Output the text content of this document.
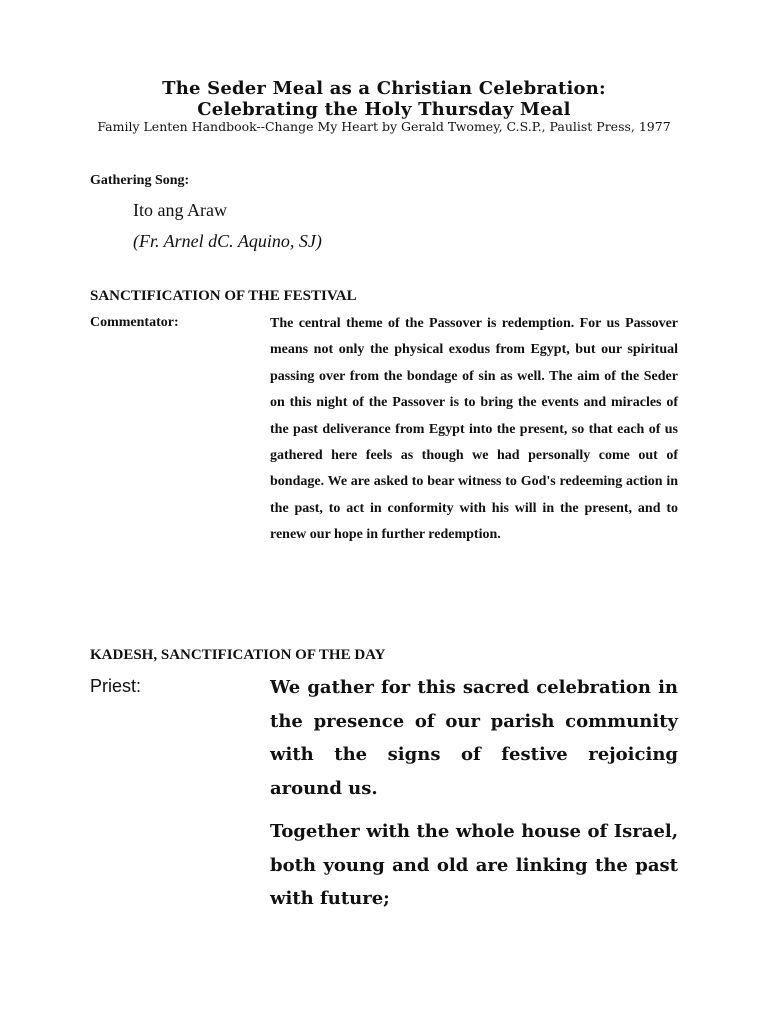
The Seder Meal as a Christian Celebration:
Celebrating the Holy Thursday Meal
Family Lenten Handbook--Change My Heart by Gerald Twomey, C.S.P., Paulist Press, 1977
Gathering Song:
Ito ang Araw
(Fr. Arnel dC. Aquino, SJ)
SANCTIFICATION OF THE FESTIVAL
Commentator:	The central theme of the Passover is redemption. For us Passover means not only the physical exodus from Egypt, but our spiritual passing over from the bondage of sin as well. The aim of the Seder on this night of the Passover is to bring the events and miracles of the past deliverance from Egypt into the present, so that each of us gathered here feels as though we had personally come out of bondage. We are asked to bear witness to God's redeeming action in the past, to act in conformity with his will in the present, and to renew our hope in further redemption.
KADESH, SANCTIFICATION OF THE DAY
Priest:	We gather for this sacred celebration in the presence of our parish community with the signs of festive rejoicing around us.
Together with the whole house of Israel, both young and old are linking the past with future;
